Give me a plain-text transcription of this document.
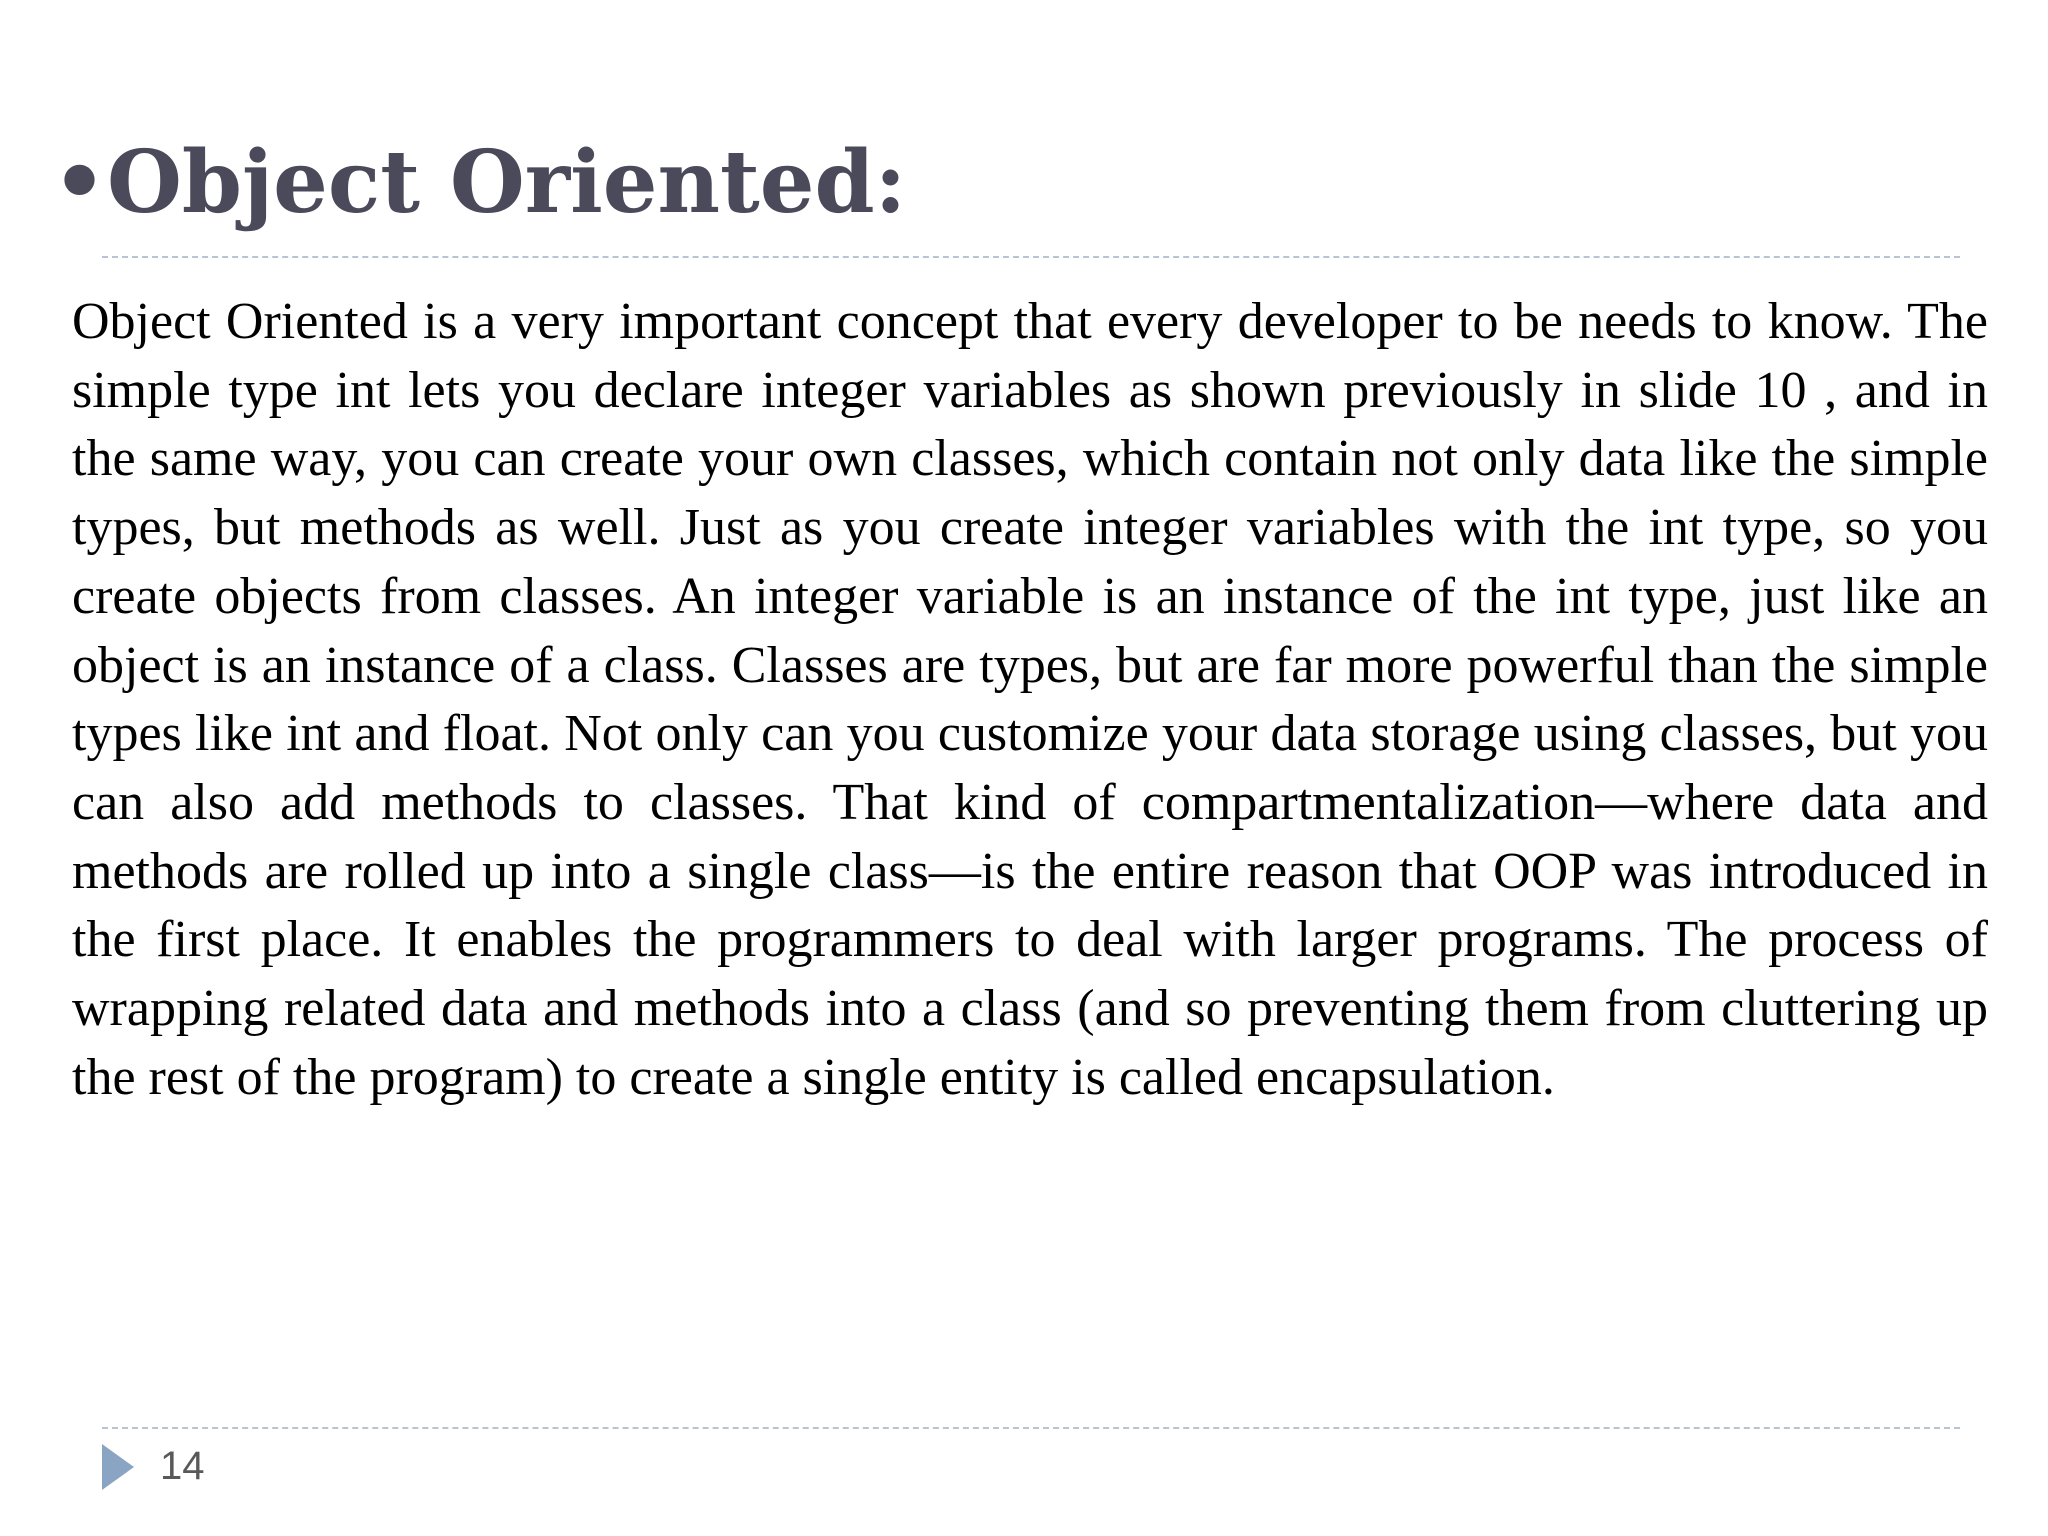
•Object Oriented:

Object Oriented is a very important concept that every developer to be needs to know. The simple type int lets you declare integer variables as shown previously in slide 10 , and in the same way, you can create your own classes, which contain not only data like the simple types, but methods as well. Just as you create integer variables with the int type, so you create objects from classes. An integer variable is an instance of the int type, just like an object is an instance of a class. Classes are types, but are far more powerful than the simple types like int and float. Not only can you customize your data storage using classes, but you can also add methods to classes. That kind of compartmentalization—where data and methods are rolled up into a single class—is the entire reason that OOP was introduced in the first place. It enables the programmers to deal with larger programs. The process of wrapping related data and methods into a class (and so preventing them from cluttering up the rest of the program) to create a single entity is called encapsulation.

14
